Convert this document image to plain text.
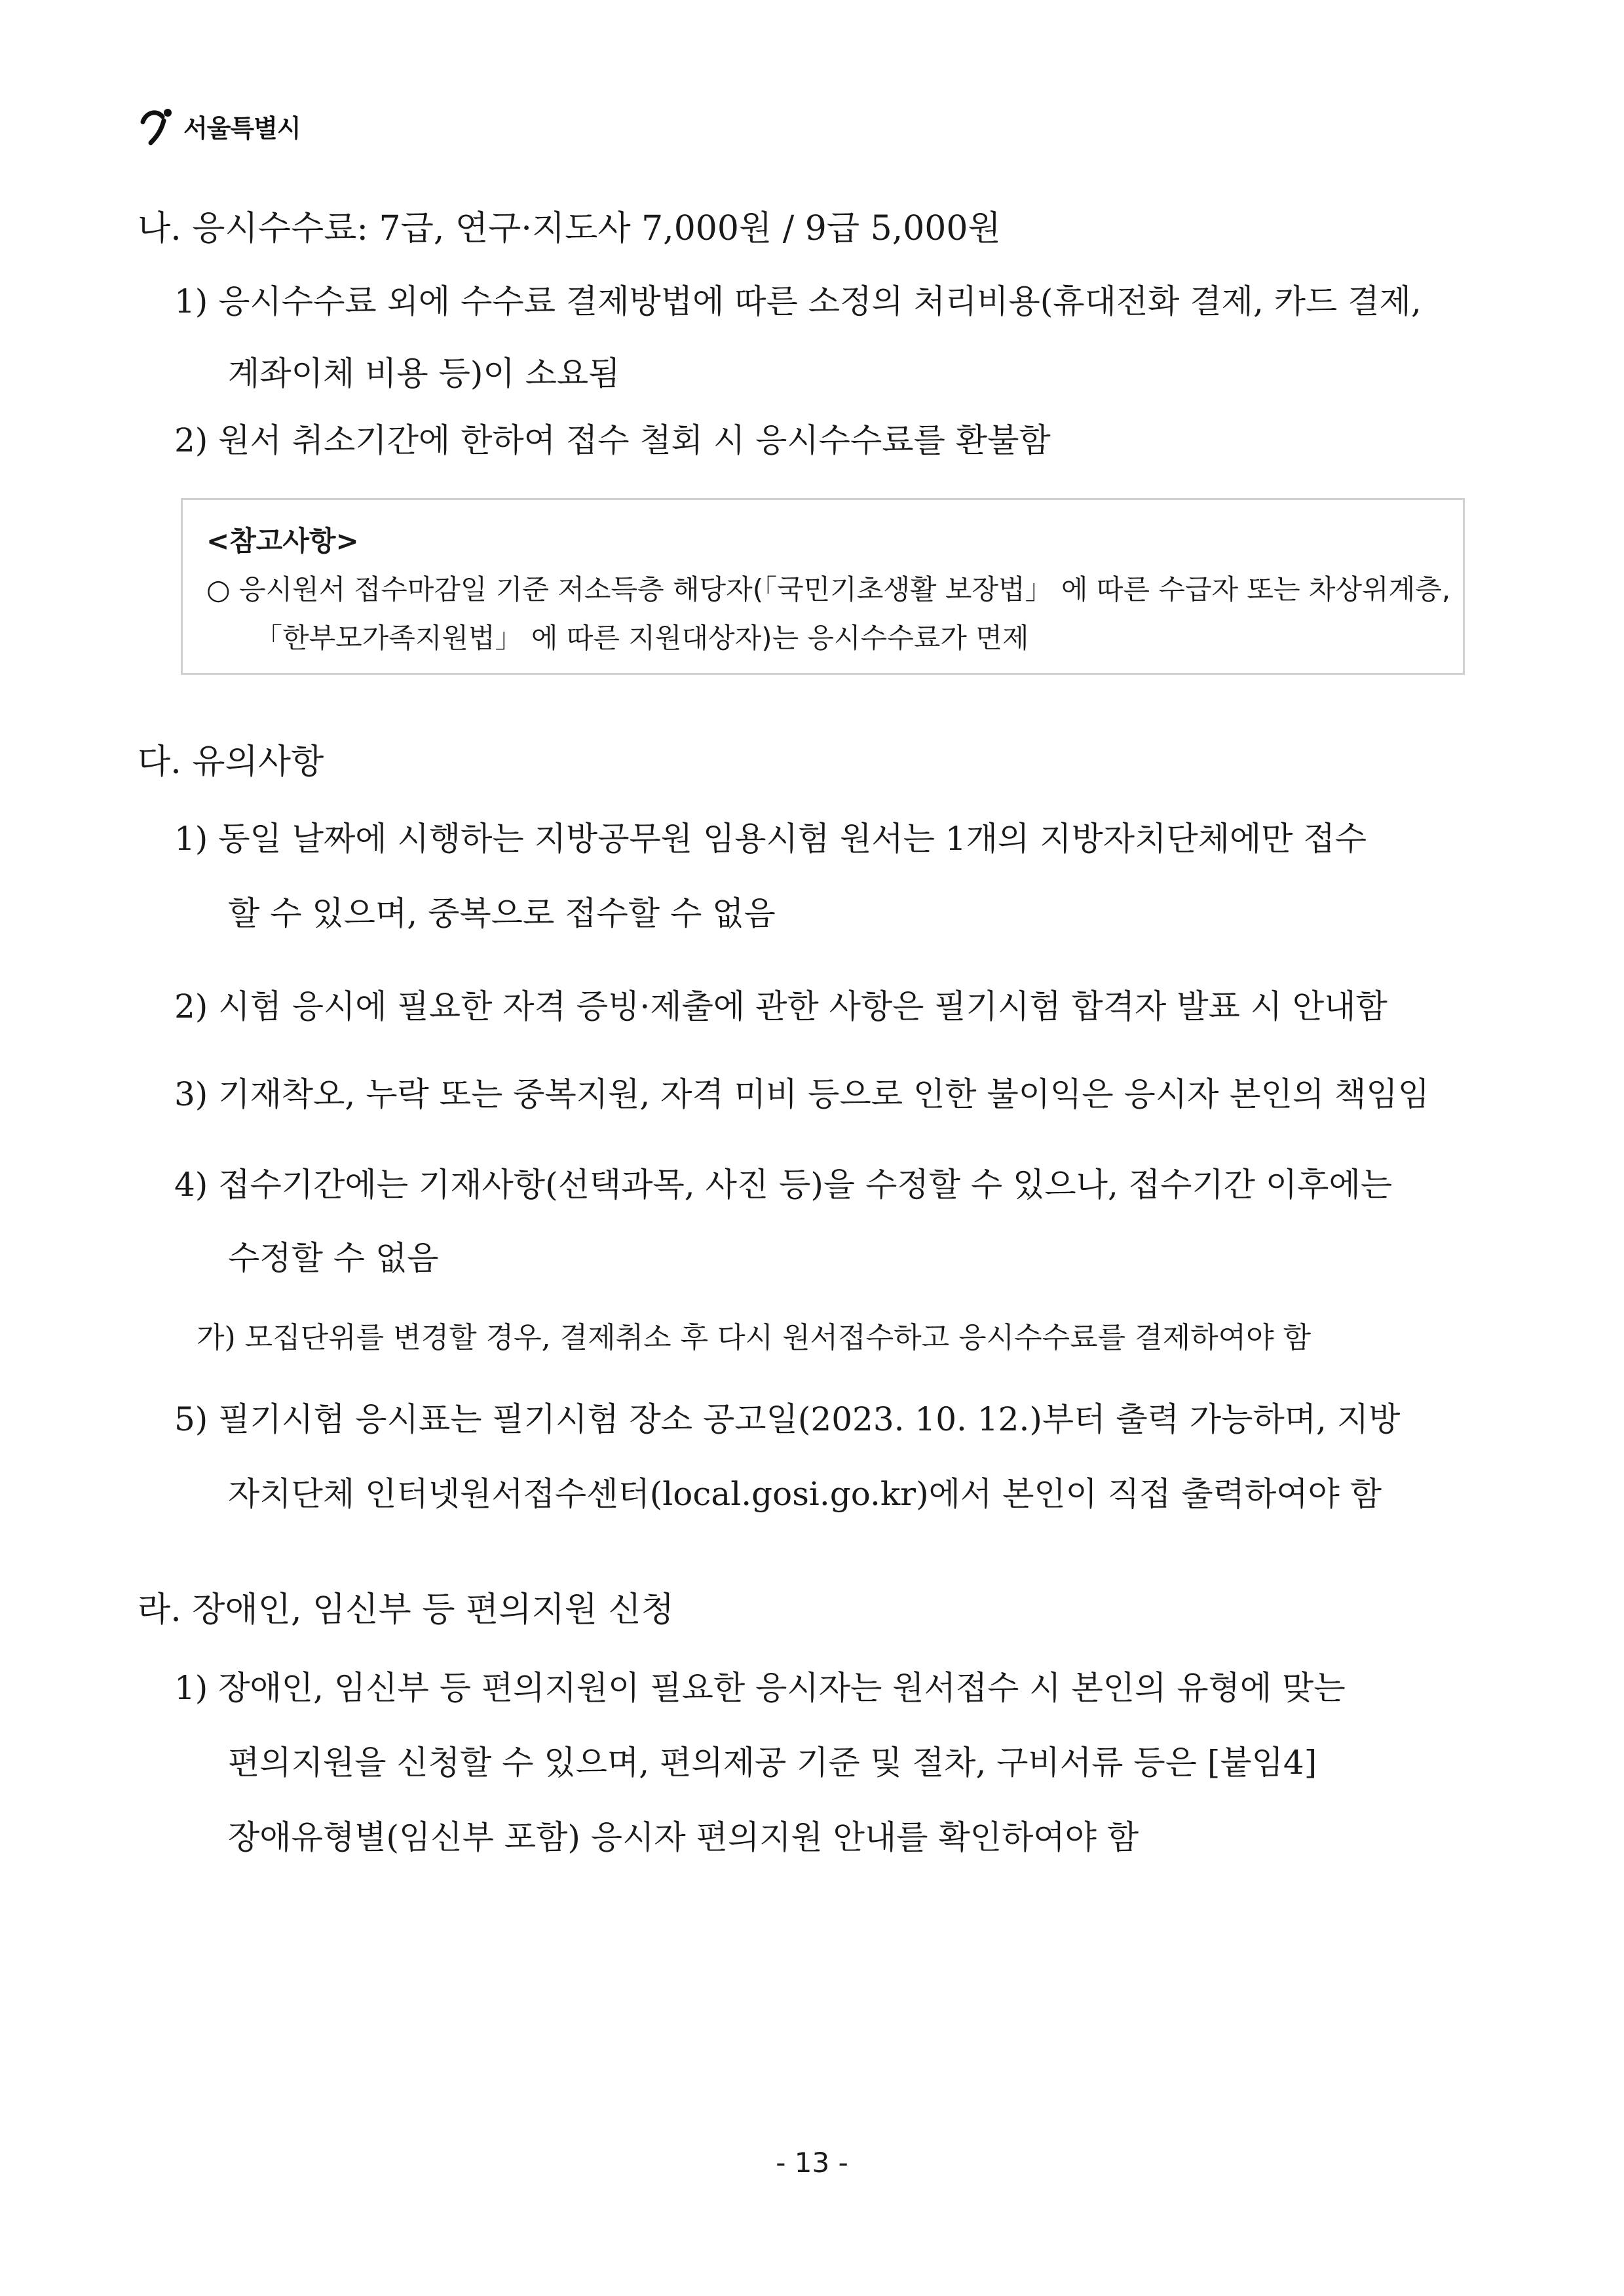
서울특별시
나. 응시수수료: 7급, 연구·지도사 7,000원 / 9급 5,000원
1) 응시수수료 외에 수수료 결제방법에 따른 소정의 처리비용(휴대전화 결제, 카드 결제,
계좌이체 비용 등)이 소요됨
2) 원서 취소기간에 한하여 접수 철회 시 응시수수료를 환불함
<참고사항>
○ 응시원서 접수마감일 기준 저소득층 해당자(「국민기초생활 보장법」 에 따른 수급자 또는 차상위계층,
「한부모가족지원법」 에 따른 지원대상자)는 응시수수료가 면제
다. 유의사항
1) 동일 날짜에 시행하는 지방공무원 임용시험 원서는 1개의 지방자치단체에만 접수
할 수 있으며, 중복으로 접수할 수 없음
2) 시험 응시에 필요한 자격 증빙·제출에 관한 사항은 필기시험 합격자 발표 시 안내함
3) 기재착오, 누락 또는 중복지원, 자격 미비 등으로 인한 불이익은 응시자 본인의 책임임
4) 접수기간에는 기재사항(선택과목, 사진 등)을 수정할 수 있으나, 접수기간 이후에는
수정할 수 없음
가) 모집단위를 변경할 경우, 결제취소 후 다시 원서접수하고 응시수수료를 결제하여야 함
5) 필기시험 응시표는 필기시험 장소 공고일(2023. 10. 12.)부터 출력 가능하며, 지방
자치단체 인터넷원서접수센터(local.gosi.go.kr)에서 본인이 직접 출력하여야 함
라. 장애인, 임신부 등 편의지원 신청
1) 장애인, 임신부 등 편의지원이 필요한 응시자는 원서접수 시 본인의 유형에 맞는
편의지원을 신청할 수 있으며, 편의제공 기준 및 절차, 구비서류 등은 [붙임4]
장애유형별(임신부 포함) 응시자 편의지원 안내를 확인하여야 함
- 13 -
